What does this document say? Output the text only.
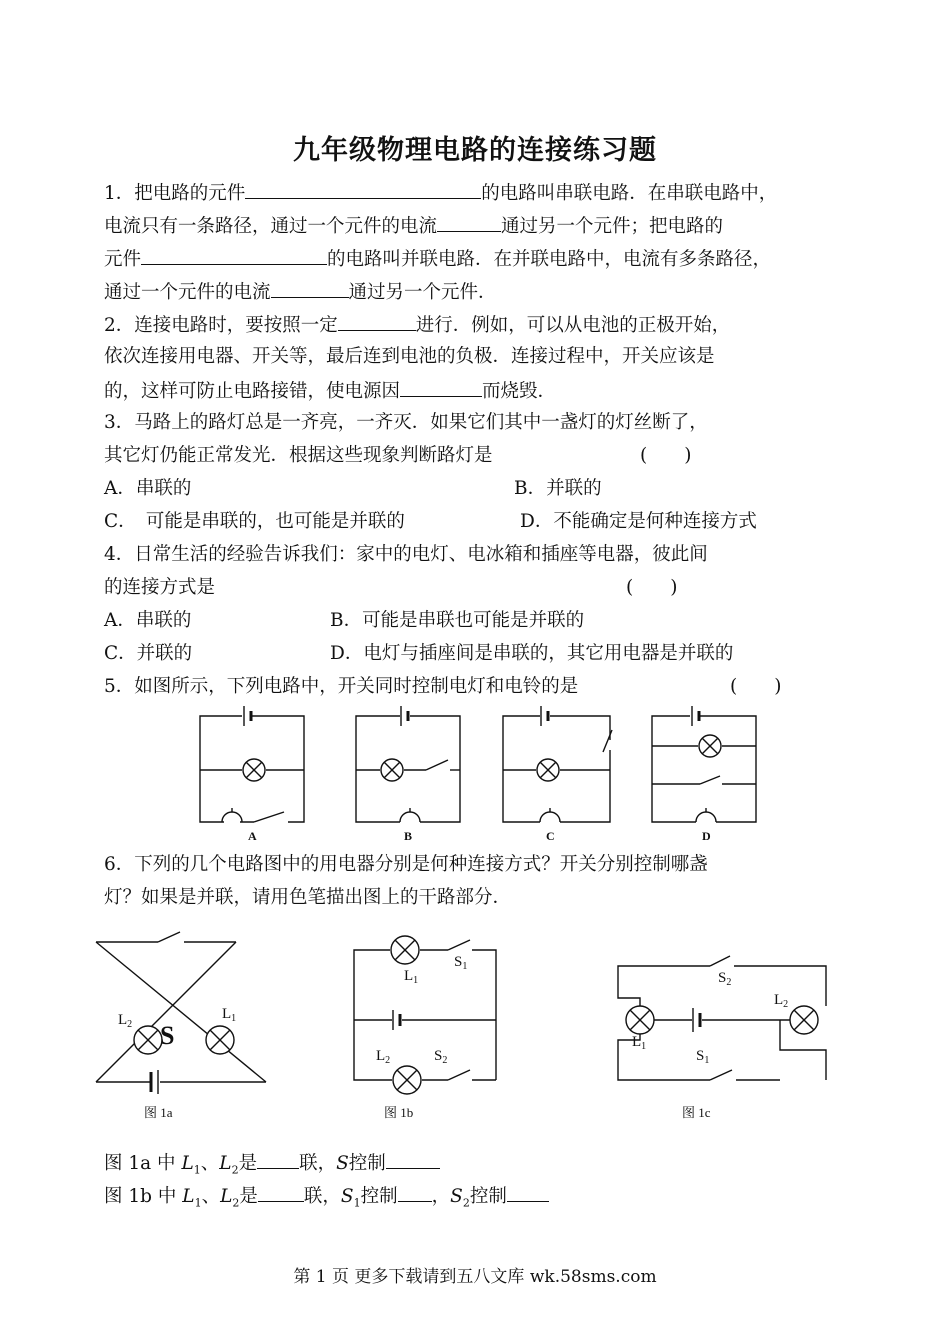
九年级物理电路的连接练习题
1．把电路的元件	的电路叫串联电路．在串联电路中，
电流只有一条路径，通过一个元件的电流	通过另一个元件；把电路的
元件	的电路叫并联电路．在并联电路中，电流有多条路径，
通过一个元件的电流	通过另一个元件．
2．连接电路时，要按照一定	进行．例如，可以从电池的正极开始，
依次连接用电器、开关等，最后连到电池的负极．连接过程中，开关应该是
的，这样可防止电路接错，使电源因	而烧毁．
3．马路上的路灯总是一齐亮，一齐灭．如果它们其中一盏灯的灯丝断了，
其它灯仍能正常发光．根据这些现象判断路灯是	(　　)
A．串联的	B．并联的
C．　可能是串联的，也可能是并联的	D．不能确定是何种连接方式
4．日常生活的经验告诉我们：家中的电灯、电冰箱和插座等电器，彼此间
的连接方式是	(　　)
A．串联的	B．可能是串联也可能是并联的
C．并联的	D．电灯与插座间是串联的，其它用电器是并联的
5．如图所示，下列电路中，开关同时控制电灯和电铃的是	(　　)
A	B	C	D
$L_2$
$L_1$
S
$L_1$
$S_1$
$L_2$	$S_2$
$S_2$
$L_2$
$L_1$
$S_1$
6．下列的几个电路图中的用电器分别是何种连接方式？开关分别控制哪盏
灯？如果是并联，请用色笔描出图上的干路部分．
图 1a	图 1b	图 1c
图 1a 中 $L_1$、$L_2$是 联，S控制
图 1b 中 $L_1$、$L_2$是 联，$S_1$控制 ，$S_2$控制
第 1 页 更多下载请到五八文库 wk.58sms.com
